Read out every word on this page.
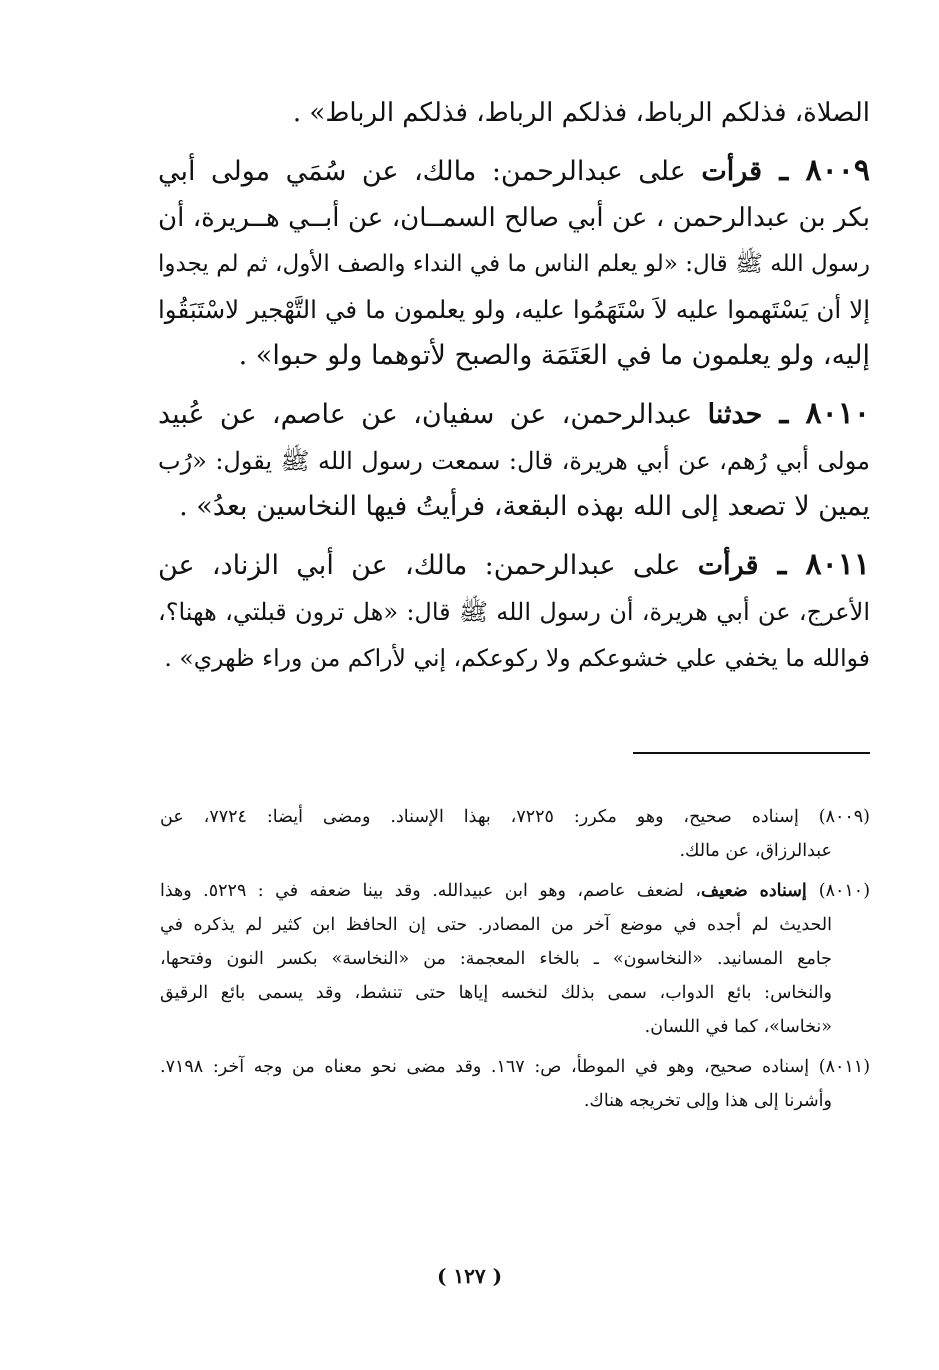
الصلاة، فذلكم الرباط، فذلكم الرباط، فذلكم الرباط» .
٨٠٠٩ ـ قرأت على عبدالرحمن: مالك، عن سُمَي مولى أبي
بكر بن عبدالرحمن ، عن أبي صالح السمــان، عن أبــي هــريرة، أن
رسول الله ﷺ قال: «لو يعلم الناس ما في النداء والصف الأول، ثم لم يجدوا
إلا أن يَسْتَهموا عليه لاَ سْتَهَمُوا عليه، ولو يعلمون ما في التَّهْجير لاسْتَبَقُوا
إليه، ولو يعلمون ما في العَتَمَة والصبح لأتوهما ولو حبوا» .
٨٠١٠ ـ حدثنا عبدالرحمن، عن سفيان، عن عاصم، عن عُبيد
مولى أبي رُهم، عن أبي هريرة، قال: سمعت رسول الله ﷺ يقول: «رُب
يمين لا تصعد إلى الله بهذه البقعة، فرأيتُ فيها النخاسين بعدُ» .
٨٠١١ ـ قرأت على عبدالرحمن: مالك، عن أبي الزناد، عن
الأعرج، عن أبي هريرة، أن رسول الله ﷺ قال: «هل ترون قبلتي، ههنا؟،
فوالله ما يخفي علي خشوعكم ولا ركوعكم، إني لأراكم من وراء ظهري» .
(٨٠٠٩) إسناده صحيح، وهو مكرر: ٧٢٢٥، بهذا الإسناد. ومضى أيضا: ٧٧٢٤، عن
عبدالرزاق، عن مالك.
(٨٠١٠) إسناده ضعيف، لضعف عاصم، وهو ابن عبيدالله. وقد بينا ضعفه في : ٥٢٢٩. وهذا
الحديث لم أجده في موضع آخر من المصادر. حتى إن الحافظ ابن كثير لم يذكره في
جامع المسانيد. «النخاسون» ـ بالخاء المعجمة: من «النخاسة» بكسر النون وفتحها،
والنخاس: بائع الدواب، سمى بذلك لنخسه إياها حتى تنشط، وقد يسمى بائع الرقيق
«نخاسا»، كما في اللسان.
(٨٠١١) إسناده صحيح، وهو في الموطأ، ص: ١٦٧. وقد مضى نحو معناه من وجه آخر: ٧١٩٨.
وأشرنا إلى هذا وإلى تخريجه هناك.
( ١٢٧ )
